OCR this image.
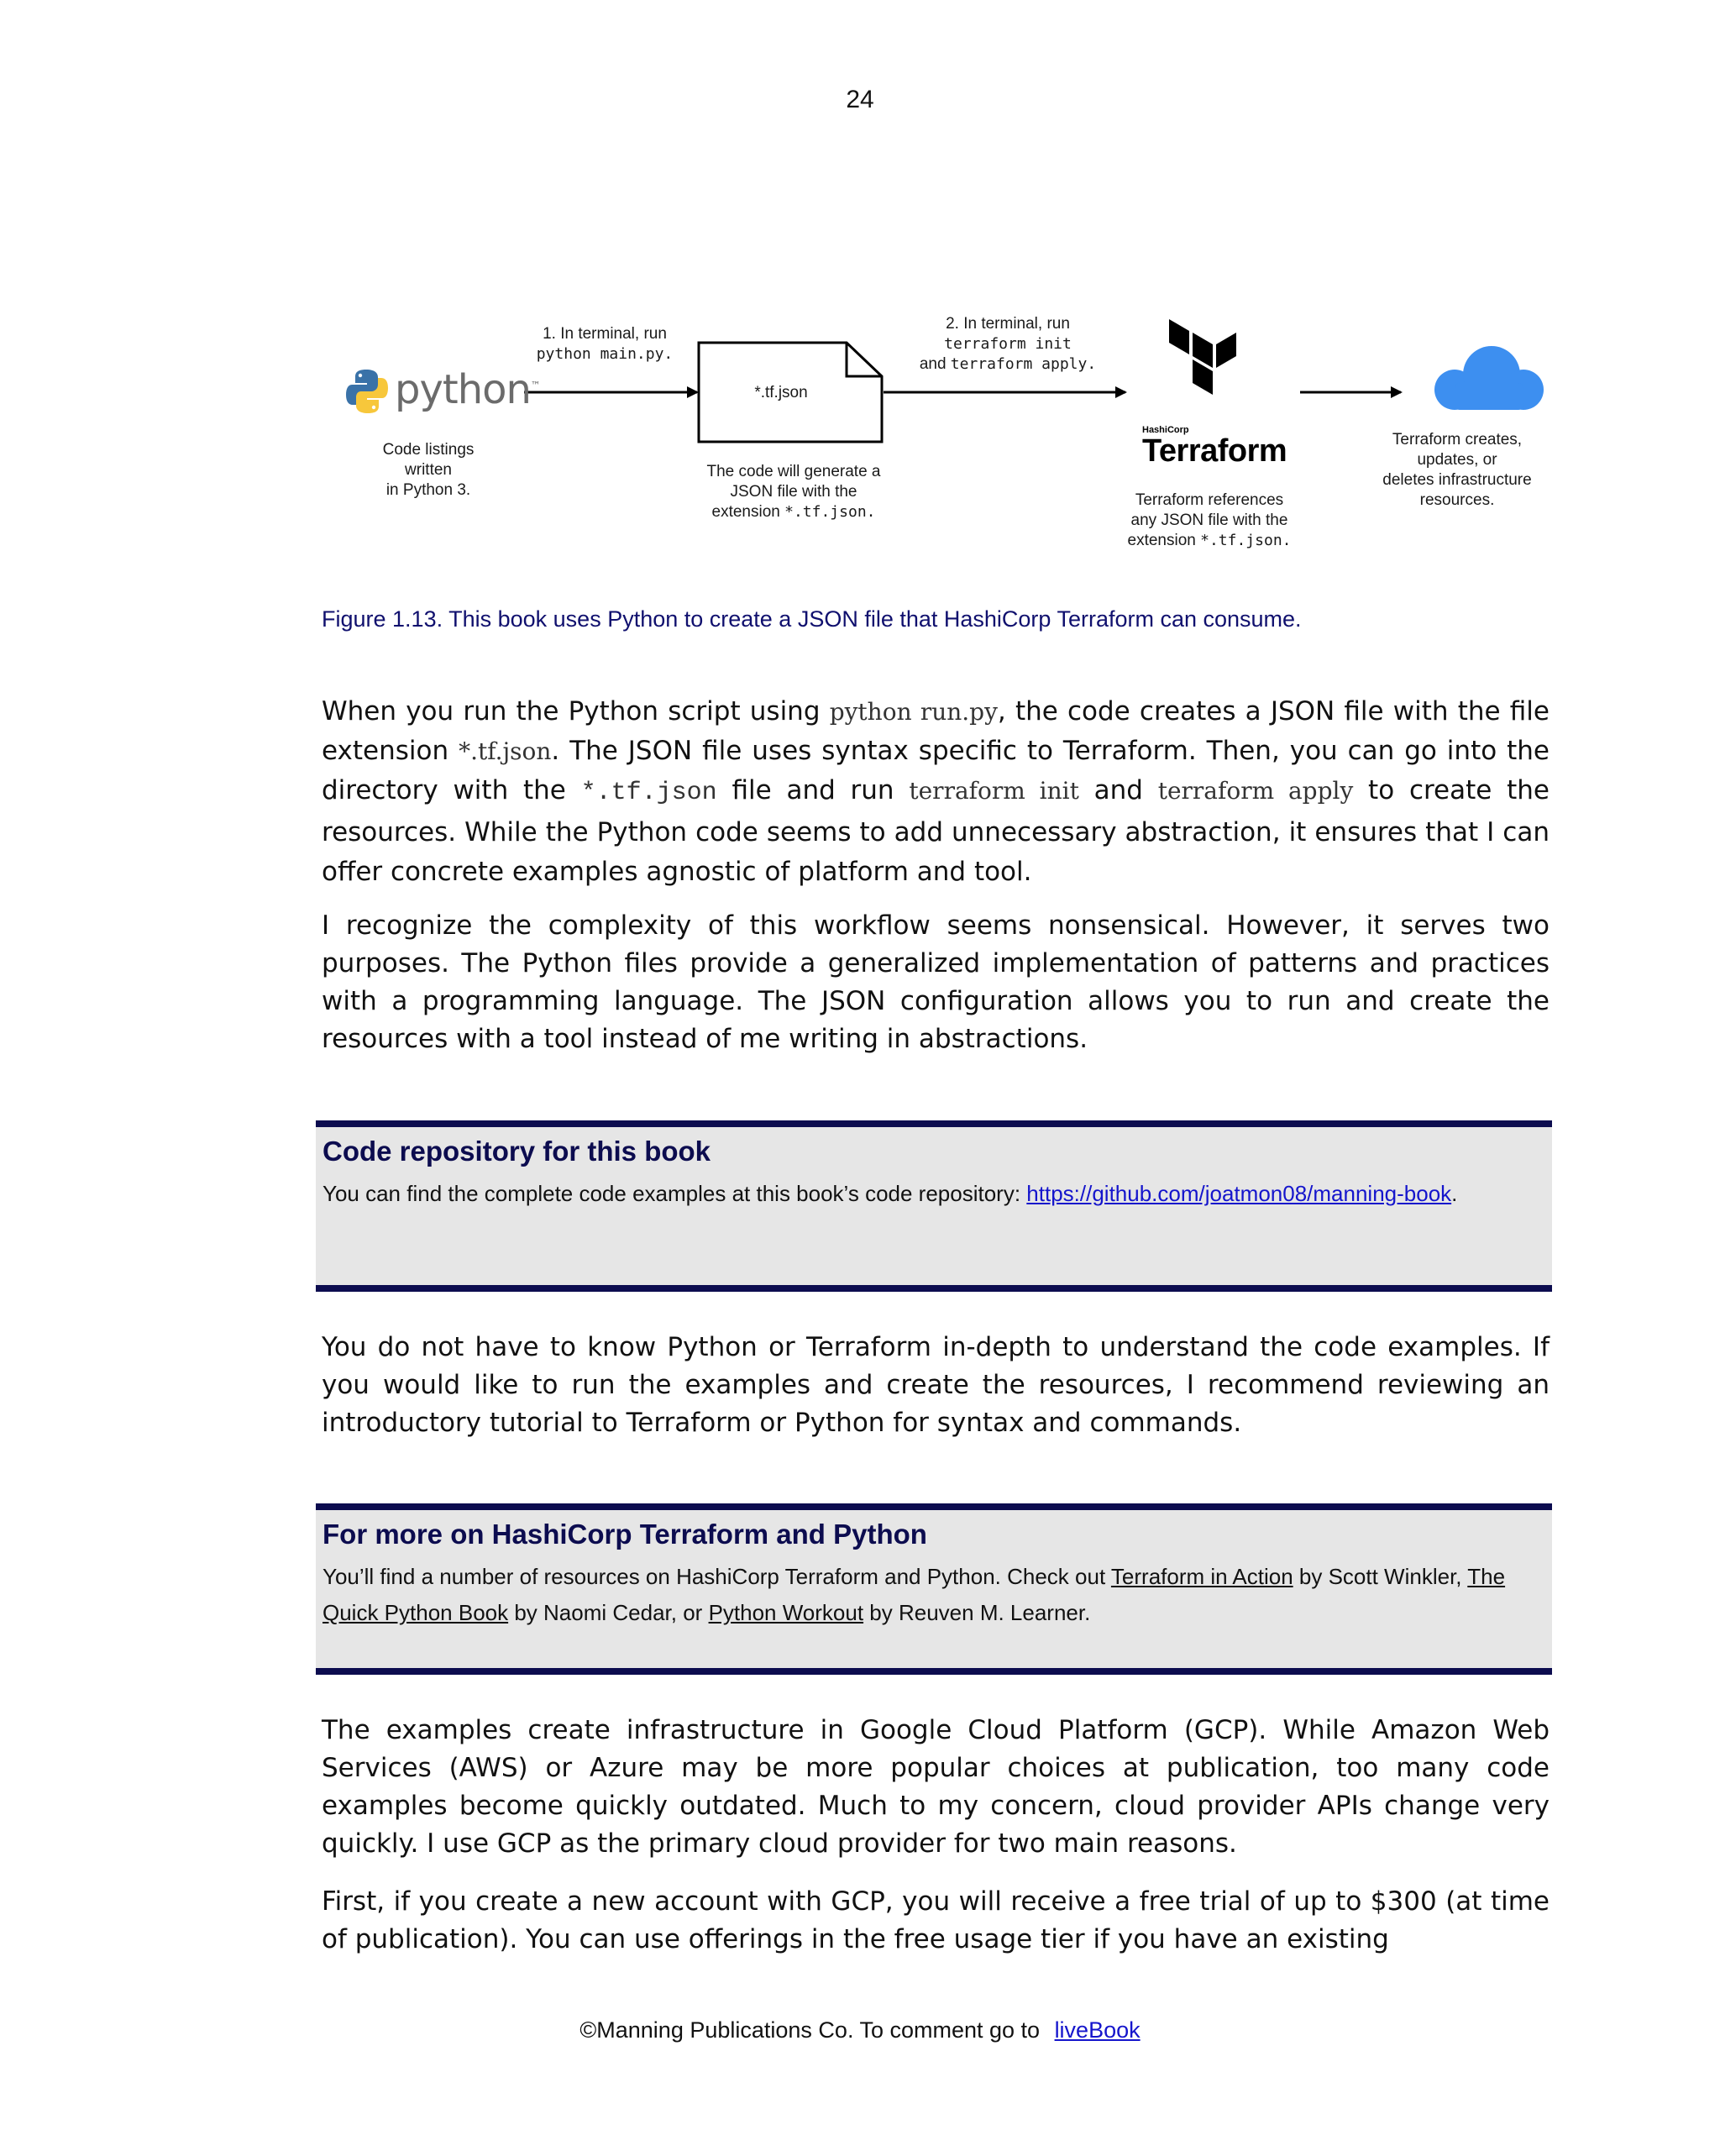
24
python™
Code listings
written
in Python 3.
1. In terminal, run
python main.py.
*.tf.json
The code will generate a
JSON file with the
extension *.tf.json.
2. In terminal, run
terraform init
and terraform apply.
HashiCorp
Terraform
Terraform references
any JSON file with the
extension *.tf.json.
Terraform creates,
updates, or
deletes infrastructure
resources.
Figure 1.13. This book uses Python to create a JSON file that HashiCorp Terraform can consume.

When you run the Python script using python run.py, the code creates a JSON file with the file extension *.tf.json. The JSON file uses syntax specific to Terraform. Then, you can go into the directory with the *.tf.json file and run terraform init and terraform apply to create the resources. While the Python code seems to add unnecessary abstraction, it ensures that I can offer concrete examples agnostic of platform and tool.

I recognize the complexity of this workflow seems nonsensical. However, it serves two purposes. The Python files provide a generalized implementation of patterns and practices with a programming language. The JSON configuration allows you to run and create the resources with a tool instead of me writing in abstractions.

Code repository for this book
You can find the complete code examples at this book’s code repository: https://github.com/joatmon08/manning-book.

You do not have to know Python or Terraform in-depth to understand the code examples. If you would like to run the examples and create the resources, I recommend reviewing an introductory tutorial to Terraform or Python for syntax and commands.

For more on HashiCorp Terraform and Python
You’ll find a number of resources on HashiCorp Terraform and Python. Check out Terraform in Action by Scott Winkler, The Quick Python Book by Naomi Cedar, or Python Workout by Reuven M. Learner.

The examples create infrastructure in Google Cloud Platform (GCP). While Amazon Web Services (AWS) or Azure may be more popular choices at publication, too many code examples become quickly outdated. Much to my concern, cloud provider APIs change very quickly. I use GCP as the primary cloud provider for two main reasons.

First, if you create a new account with GCP, you will receive a free trial of up to $300 (at time of publication). You can use offerings in the free usage tier if you have an existing

©Manning Publications Co. To comment go to liveBook
